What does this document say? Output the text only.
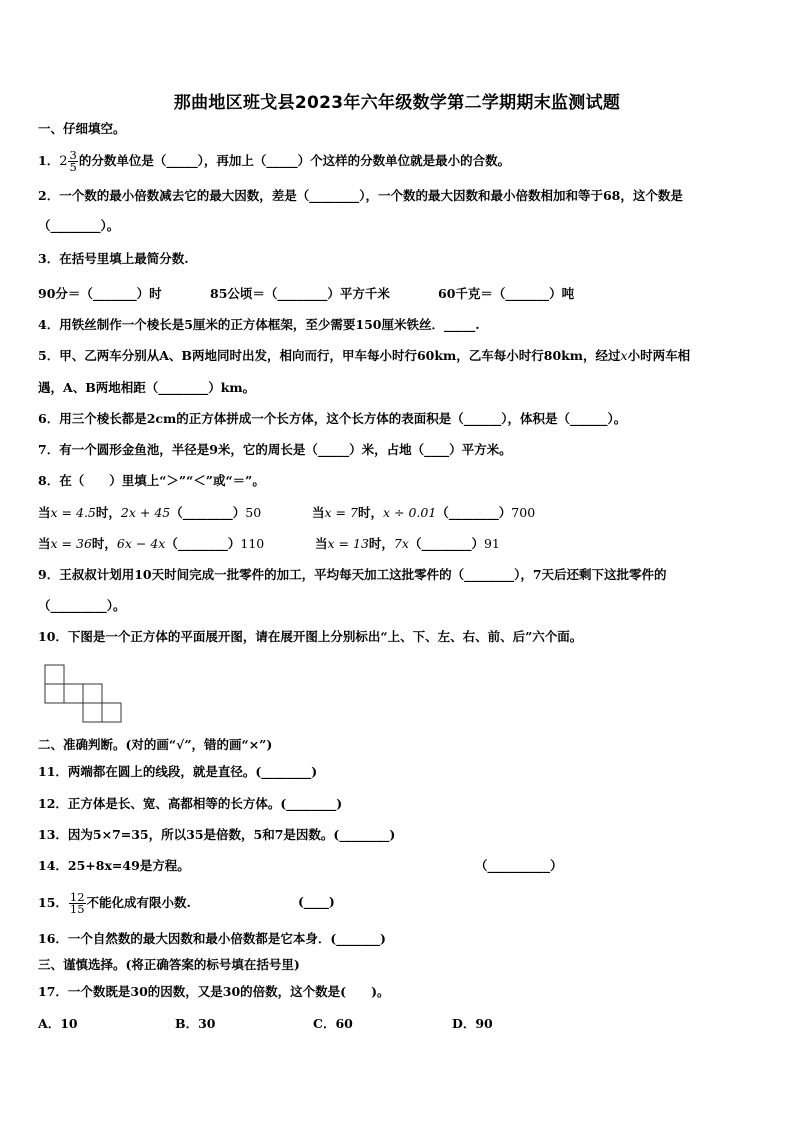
那曲地区班戈县2023年六年级数学第二学期期末监测试题
一、仔细填空。
1．$2 \frac{3}{5}$ 的分数单位是（_____），再加上（_____）个这样的分数单位就是最小的合数。
2．一个数的最小倍数减去它的最大因数，差是（________），一个数的最大因数和最小倍数相加和等于68，这个数是
（________）。
3．在括号里填上最简分数.
90分＝（_______）时	85公顷＝（________）平方千米	60千克＝（_______）吨
4．用铁丝制作一个棱长是5厘米的正方体框架，至少需要150厘米铁丝．_____.
5．甲、乙两车分别从A、B两地同时出发，相向而行，甲车每小时行60km，乙车每小时行80km，经过x小时两车相
遇，A、B两地相距（________）km。
6．用三个棱长都是2cm的正方体拼成一个长方体，这个长方体的表面积是（______），体积是（______）。
7．有一个圆形金鱼池，半径是9米，它的周长是（_____）米，占地（____）平方米。
8．在（　　）里填上“＞”“＜”或“＝”。
当x = 4.5时，2x + 45（________）50	当x = 7时，x ÷ 0.01（________）700
当x = 36时，6x − 4x（________）110	当x = 13时，7x（________）91
9．王叔叔计划用10天时间完成一批零件的加工，平均每天加工这批零件的（________），7天后还剩下这批零件的
（_________）。
10．下图是一个正方体的平面展开图，请在展开图上分别标出“上、下、左、右、前、后”六个面。
二、准确判断。(对的画“√”，错的画“×”)
11．两端都在圆上的线段，就是直径。(________)
12．正方体是长、宽、高都相等的长方体。(________)
13．因为5×7=35，所以35是倍数，5和7是因数。(________)
14．25+8x=49是方程。	（__________）
15． $\frac{12}{15}$ 不能化成有限小数.	(____)
16．一个自然数的最大因数和最小倍数都是它本身．(_______)
三、谨慎选择。(将正确答案的标号填在括号里)
17．一个数既是30的因数，又是30的倍数，这个数是(　　)。
A．10	B．30	C．60	D．90
